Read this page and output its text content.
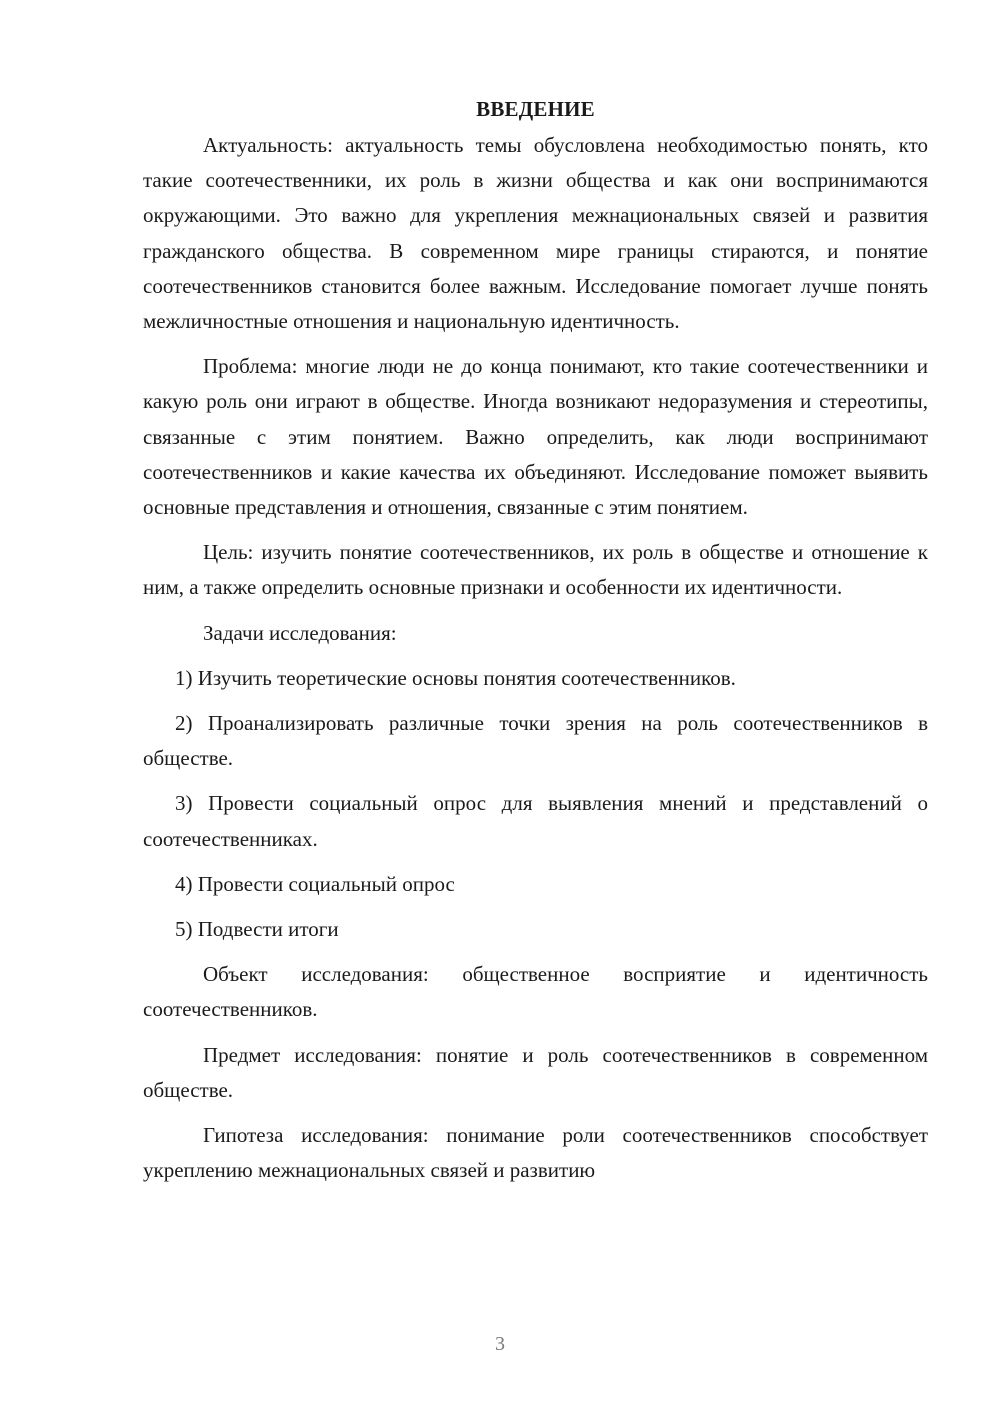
ВВЕДЕНИЕ

Актуальность: актуальность темы обусловлена необходимостью понять, кто такие соотечественники, их роль в жизни общества и как они воспринимаются окружающими. Это важно для укрепления межнациональных связей и развития гражданского общества. В современном мире границы стираются, и понятие соотечественников становится более важным. Исследование помогает лучше понять межличностные отношения и национальную идентичность.

Проблема: многие люди не до конца понимают, кто такие соотечественники и какую роль они играют в обществе. Иногда возникают недоразумения и стереотипы, связанные с этим понятием. Важно определить, как люди воспринимают соотечественников и какие качества их объединяют. Исследование поможет выявить основные представления и отношения, связанные с этим понятием.

Цель: изучить понятие соотечественников, их роль в обществе и отношение к ним, а также определить основные признаки и особенности их идентичности.

Задачи исследования:

1) Изучить теоретические основы понятия соотечественников.

2) Проанализировать различные точки зрения на роль соотечественников в обществе.

3) Провести социальный опрос для выявления мнений и представлений о соотечественниках.

4) Провести социальный опрос

5) Подвести итоги

Объект исследования: общественное восприятие и идентичность соотечественников.

Предмет исследования: понятие и роль соотечественников в современном обществе.

Гипотеза исследования: понимание роли соотечественников способствует укреплению межнациональных связей и развитию

3
